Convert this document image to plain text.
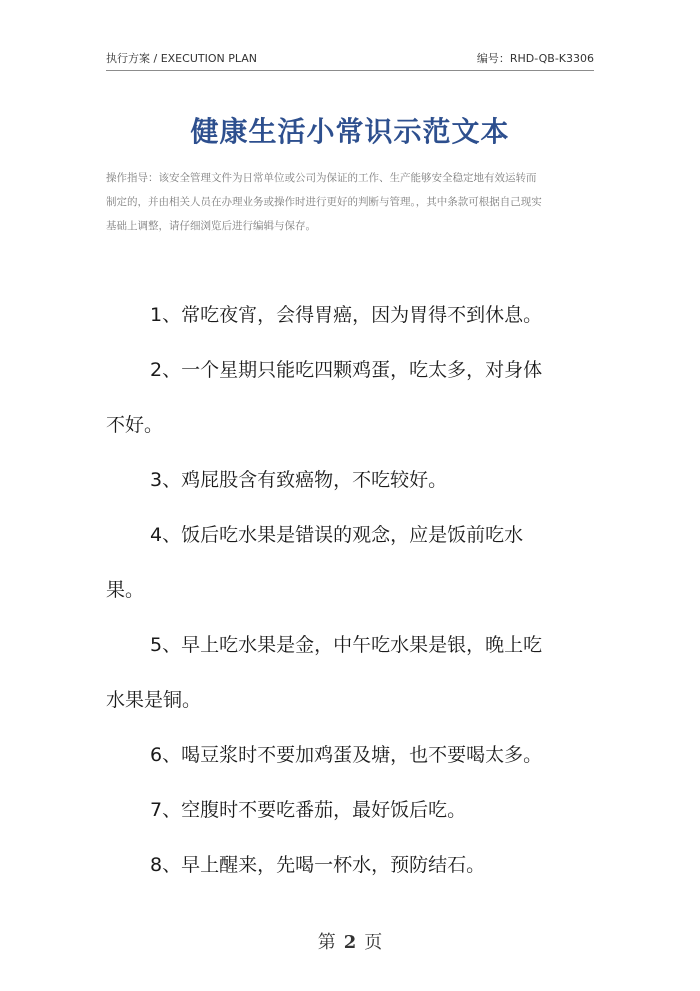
执行方案 / EXECUTION PLAN	编号：RHD-QB-K3306
健康生活小常识示范文本
操作指导：该安全管理文件为日常单位或公司为保证的工作、生产能够安全稳定地有效运转而
制定的，并由相关人员在办理业务或操作时进行更好的判断与管理。，其中条款可根据自己现实
基础上调整，请仔细浏览后进行编辑与保存。
1、常吃夜宵，会得胃癌，因为胃得不到休息。
2、一个星期只能吃四颗鸡蛋，吃太多，对身体
不好。
3、鸡屁股含有致癌物，不吃较好。
4、饭后吃水果是错误的观念，应是饭前吃水
果。
5、早上吃水果是金，中午吃水果是银，晚上吃
水果是铜。
6、喝豆浆时不要加鸡蛋及塘，也不要喝太多。
7、空腹时不要吃番茄，最好饭后吃。
8、早上醒来，先喝一杯水，预防结石。
第 2 页
